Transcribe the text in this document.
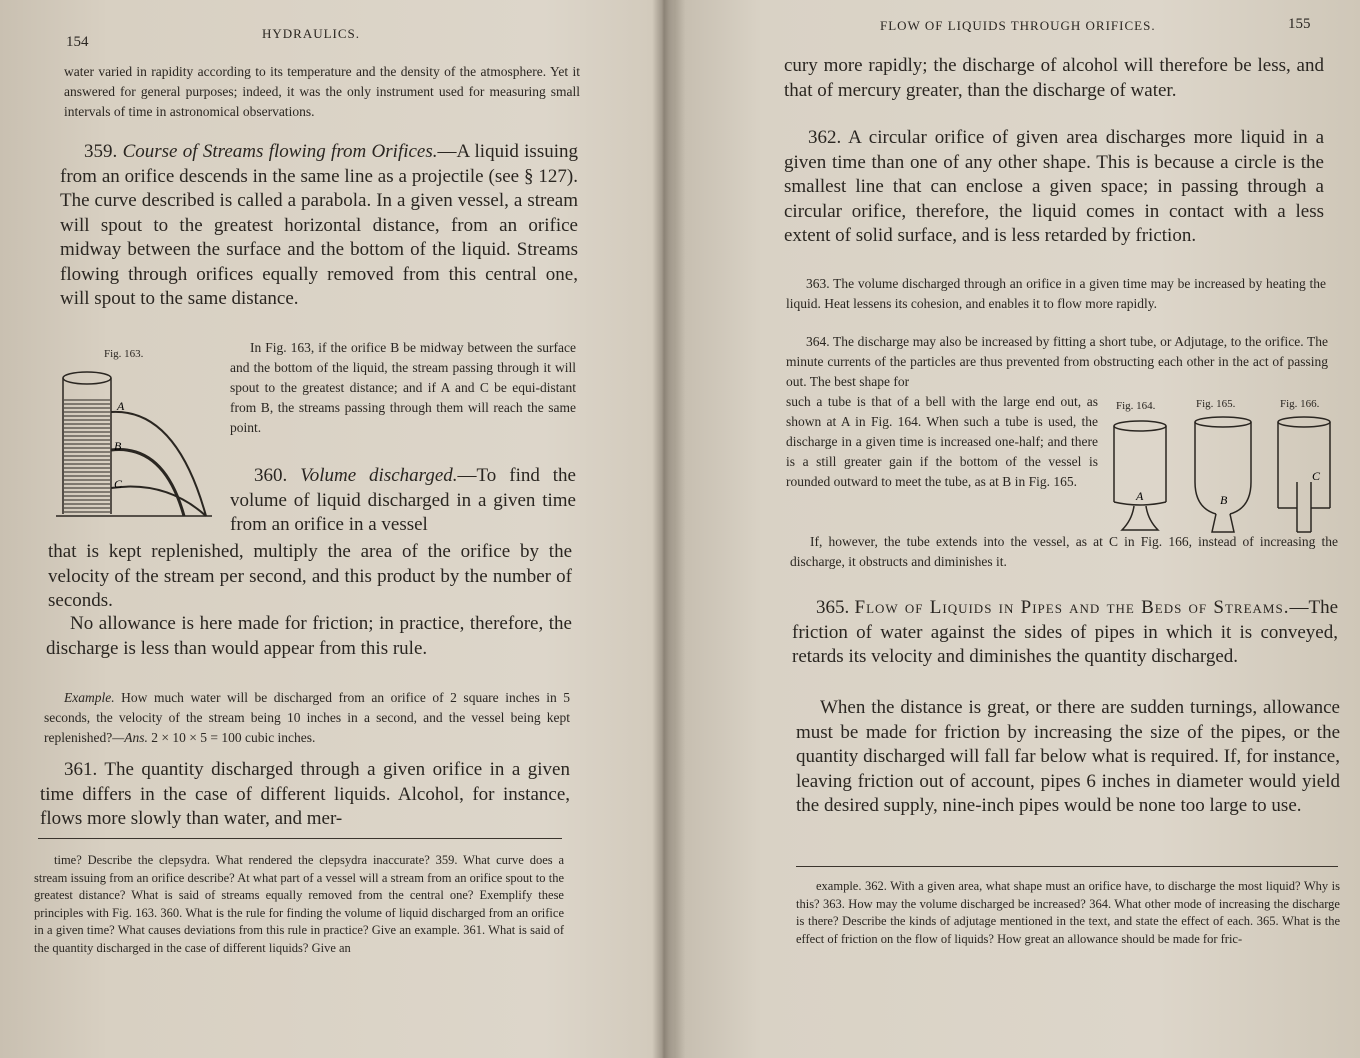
154
HYDRAULICS.

water varied in rapidity according to its temperature and the density of the atmosphere. Yet it answered for general purposes; indeed, it was the only instrument used for measuring small intervals of time in astronomical observations.

359. Course of Streams flowing from Orifices.—A liquid issuing from an orifice descends in the same line as a projectile (see § 127). The curve described is called a parabola. In a given vessel, a stream will spout to the greatest horizontal distance, from an orifice midway between the surface and the bottom of the liquid. Streams flowing through orifices equally removed from this central one, will spout to the same distance.

Fig. 163.
A
B
C

In Fig. 163, if the orifice B be midway between the surface and the bottom of the liquid, the stream passing through it will spout to the greatest distance; and if A and C be equi-distant from B, the streams passing through them will reach the same point.

360. Volume discharged.—To find the volume of liquid discharged in a given time from an orifice in a vessel

that is kept replenished, multiply the area of the orifice by the velocity of the stream per second, and this product by the number of seconds.

No allowance is here made for friction; in practice, therefore, the discharge is less than would appear from this rule.

Example. How much water will be discharged from an orifice of 2 square inches in 5 seconds, the velocity of the stream being 10 inches in a second, and the vessel being kept replenished?—Ans. 2 × 10 × 5 = 100 cubic inches.

361. The quantity discharged through a given orifice in a given time differs in the case of different liquids. Alcohol, for instance, flows more slowly than water, and mer-

time? Describe the clepsydra. What rendered the clepsydra inaccurate? 359. What curve does a stream issuing from an orifice describe? At what part of a vessel will a stream from an orifice spout to the greatest distance? What is said of streams equally removed from the central one? Exemplify these principles with Fig. 163. 360. What is the rule for finding the volume of liquid discharged from an orifice in a given time? What causes deviations from this rule in practice? Give an example. 361. What is said of the quantity discharged in the case of different liquids? Give an

FLOW OF LIQUIDS THROUGH ORIFICES.	155

cury more rapidly; the discharge of alcohol will therefore be less, and that of mercury greater, than the discharge of water.

362. A circular orifice of given area discharges more liquid in a given time than one of any other shape. This is because a circle is the smallest line that can enclose a given space; in passing through a circular orifice, therefore, the liquid comes in contact with a less extent of solid surface, and is less retarded by friction.

363. The volume discharged through an orifice in a given time may be increased by heating the liquid. Heat lessens its cohesion, and enables it to flow more rapidly.

364. The discharge may also be increased by fitting a short tube, or Adjutage, to the orifice. The minute currents of the particles are thus prevented from obstructing each other in the act of passing out. The best shape for

such a tube is that of a bell with the large end out, as shown at A in Fig. 164. When such a tube is used, the discharge in a given time is increased one-half; and there is a still greater gain if the bottom of the vessel is rounded outward to meet the tube, as at B in Fig. 165.

Fig. 164.	Fig. 165.	Fig. 166.
A	B
C

If, however, the tube extends into the vessel, as at C in Fig. 166, instead of increasing the discharge, it obstructs and diminishes it.

365. Flow of Liquids in Pipes and the Beds of Streams.—The friction of water against the sides of pipes in which it is conveyed, retards its velocity and diminishes the quantity discharged.

When the distance is great, or there are sudden turnings, allowance must be made for friction by increasing the size of the pipes, or the quantity discharged will fall far below what is required. If, for instance, leaving friction out of account, pipes 6 inches in diameter would yield the desired supply, nine-inch pipes would be none too large to use.

example. 362. With a given area, what shape must an orifice have, to discharge the most liquid? Why is this? 363. How may the volume discharged be increased? 364. What other mode of increasing the discharge is there? Describe the kinds of adjutage mentioned in the text, and state the effect of each. 365. What is the effect of friction on the flow of liquids? How great an allowance should be made for fric-
